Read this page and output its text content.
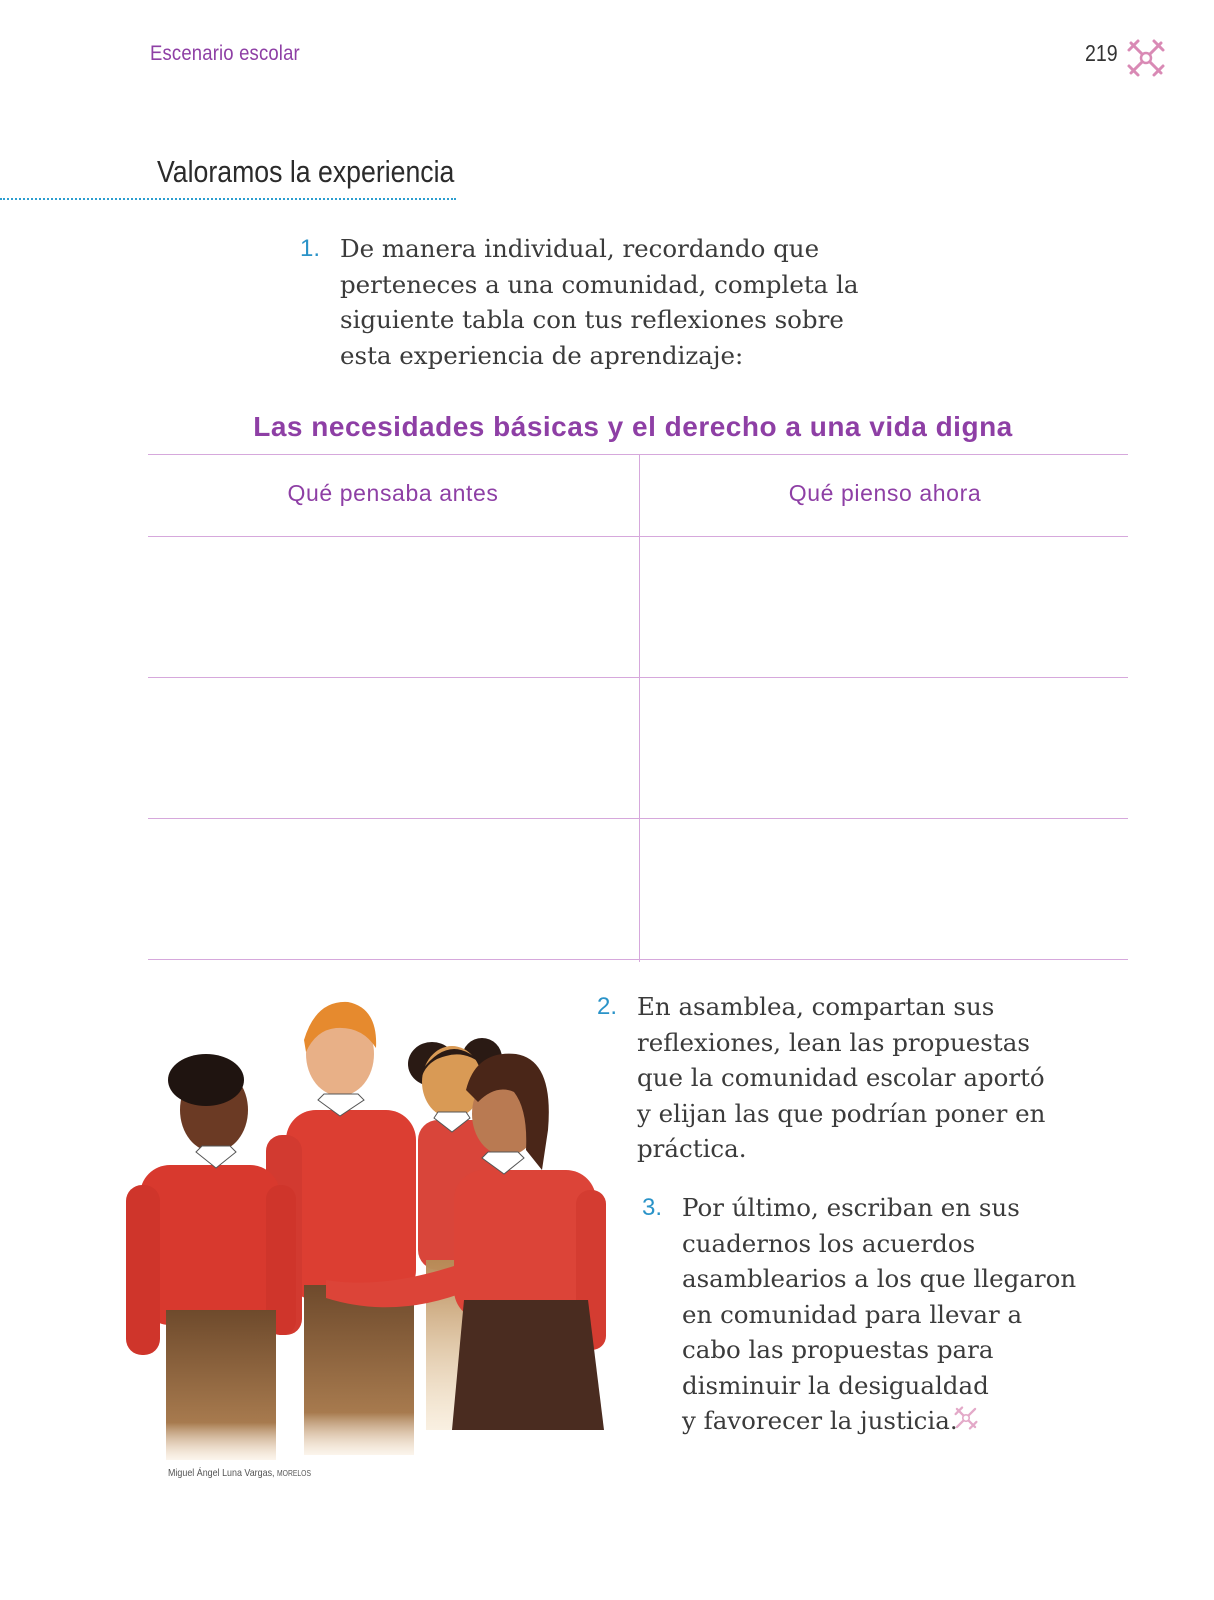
Escenario escolar	219
Valoramos la experiencia
1. De manera individual, recordando que
perteneces a una comunidad, completa la
siguiente tabla con tus reflexiones sobre
esta experiencia de aprendizaje:
Las necesidades básicas y el derecho a una vida digna
Qué pensaba antes	Qué pienso ahora
Miguel Ángel Luna Vargas, MORELOS
2. En asamblea, compartan sus
reflexiones, lean las propuestas
que la comunidad escolar aportó
y elijan las que podrían poner en
práctica.
3. Por último, escriban en sus
cuadernos los acuerdos
asamblearios a los que llegaron
en comunidad para llevar a
cabo las propuestas para
disminuir la desigualdad
y favorecer la justicia.
